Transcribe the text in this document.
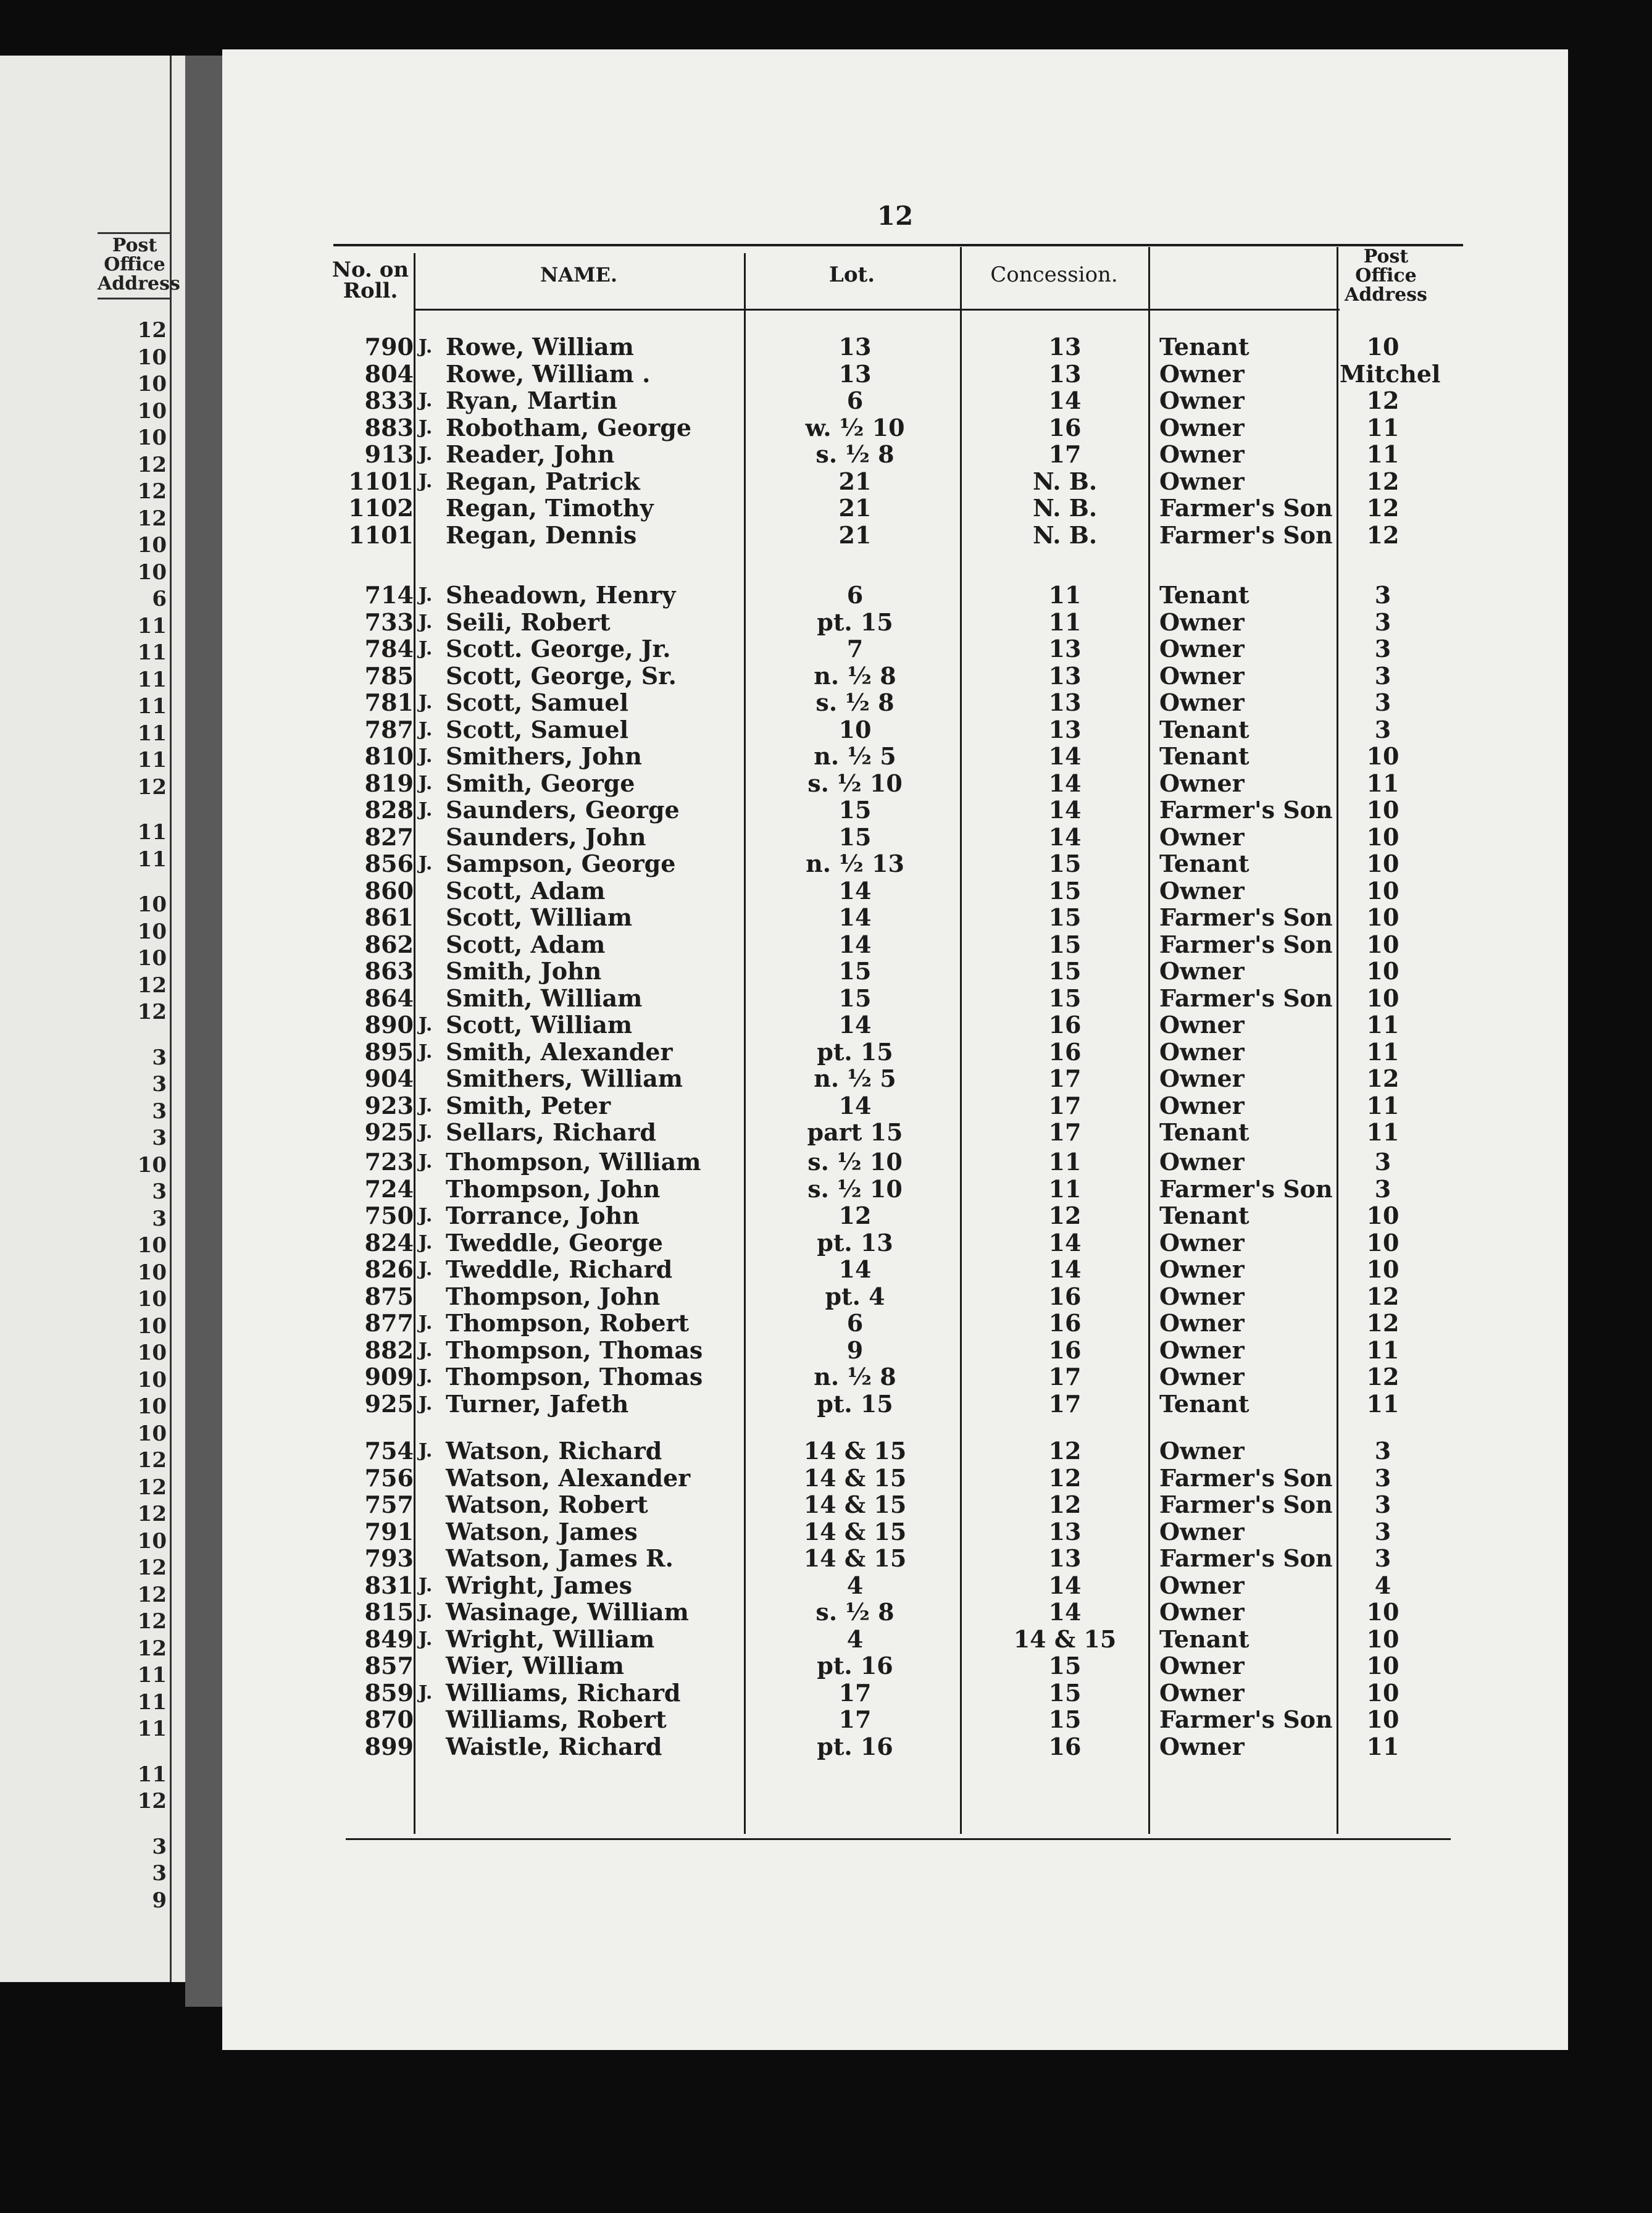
Post
Office
Address
12
10
10
10
10
12
12
12
10
10
6
11
11
11
11
11
11
12
11
11
10
10
10
12
12
3
3
3
3
10
3
3
10
10
10
10
10
10
10
10
12
12
12
10
12
12
12
12
11
11
11
11
12
3
3
9
12
No. on
Roll.
NAME.	Lot.	Concession.
Post
Office
Address
790 J. Rowe, William	13	13	Tenant	10
804 Rowe, William .	13	13	Owner	Mitchel
833 J. Ryan, Martin	6	14	Owner	12
883 J. Robotham, George	w. ½ 10	16	Owner	11
913 J. Reader, John	s. ½ 8	17	Owner	11
1101 J. Regan, Patrick	21	N. B.	Owner	12
1102 Regan, Timothy	21	N. B.	Farmer's Son	12
1101 Regan, Dennis	21	N. B.	Farmer's Son	12
714 J. Sheadown, Henry	6	11	Tenant	3
733 J. Seili, Robert	pt. 15	11	Owner	3
784 J. Scott. George, Jr.	7	13	Owner	3
785 Scott, George, Sr.	n. ½ 8	13	Owner	3
781 J. Scott, Samuel	s. ½ 8	13	Owner	3
787 J. Scott, Samuel	10	13	Tenant	3
810 J. Smithers, John	n. ½ 5	14	Tenant	10
819 J. Smith, George	s. ½ 10	14	Owner	11
828 J. Saunders, George	15	14	Farmer's Son	10
827 Saunders, John	15	14	Owner	10
856 J. Sampson, George	n. ½ 13	15	Tenant	10
860 Scott, Adam	14	15	Owner	10
861 Scott, William	14	15	Farmer's Son	10
862 Scott, Adam	14	15	Farmer's Son	10
863 Smith, John	15	15	Owner	10
864 Smith, William	15	15	Farmer's Son	10
890 J. Scott, William	14	16	Owner	11
895 J. Smith, Alexander	pt. 15	16	Owner	11
904 Smithers, William	n. ½ 5	17	Owner	12
923 J. Smith, Peter	14	17	Owner	11
925 J. Sellars, Richard	part 15	17	Tenant	11
723 J. Thompson, William	s. ½ 10	11	Owner	3
724 Thompson, John	s. ½ 10	11	Farmer's Son	3
750 J. Torrance, John	12	12	Tenant	10
824 J. Tweddle, George	pt. 13	14	Owner	10
826 J. Tweddle, Richard	14	14	Owner	10
875 Thompson, John	pt. 4	16	Owner	12
877 J. Thompson, Robert	6	16	Owner	12
882 J. Thompson, Thomas	9	16	Owner	11
909 J. Thompson, Thomas	n. ½ 8	17	Owner	12
925 J. Turner, Jafeth	pt. 15	17	Tenant	11
754 J. Watson, Richard	14 & 15	12	Owner	3
756 Watson, Alexander	14 & 15	12	Farmer's Son	3
757 Watson, Robert	14 & 15	12	Farmer's Son	3
791 Watson, James	14 & 15	13	Owner	3
793 Watson, James R.	14 & 15	13	Farmer's Son	3
831 J. Wright, James	4	14	Owner	4
815 J. Wasinage, William	s. ½ 8	14	Owner	10
849 J. Wright, William	4	14 & 15	Tenant	10
857 Wier, William	pt. 16	15	Owner	10
859 J. Williams, Richard	17	15	Owner	10
870 Williams, Robert	17	15	Farmer's Son	10
899 Waistle, Richard	pt. 16	16	Owner	11
